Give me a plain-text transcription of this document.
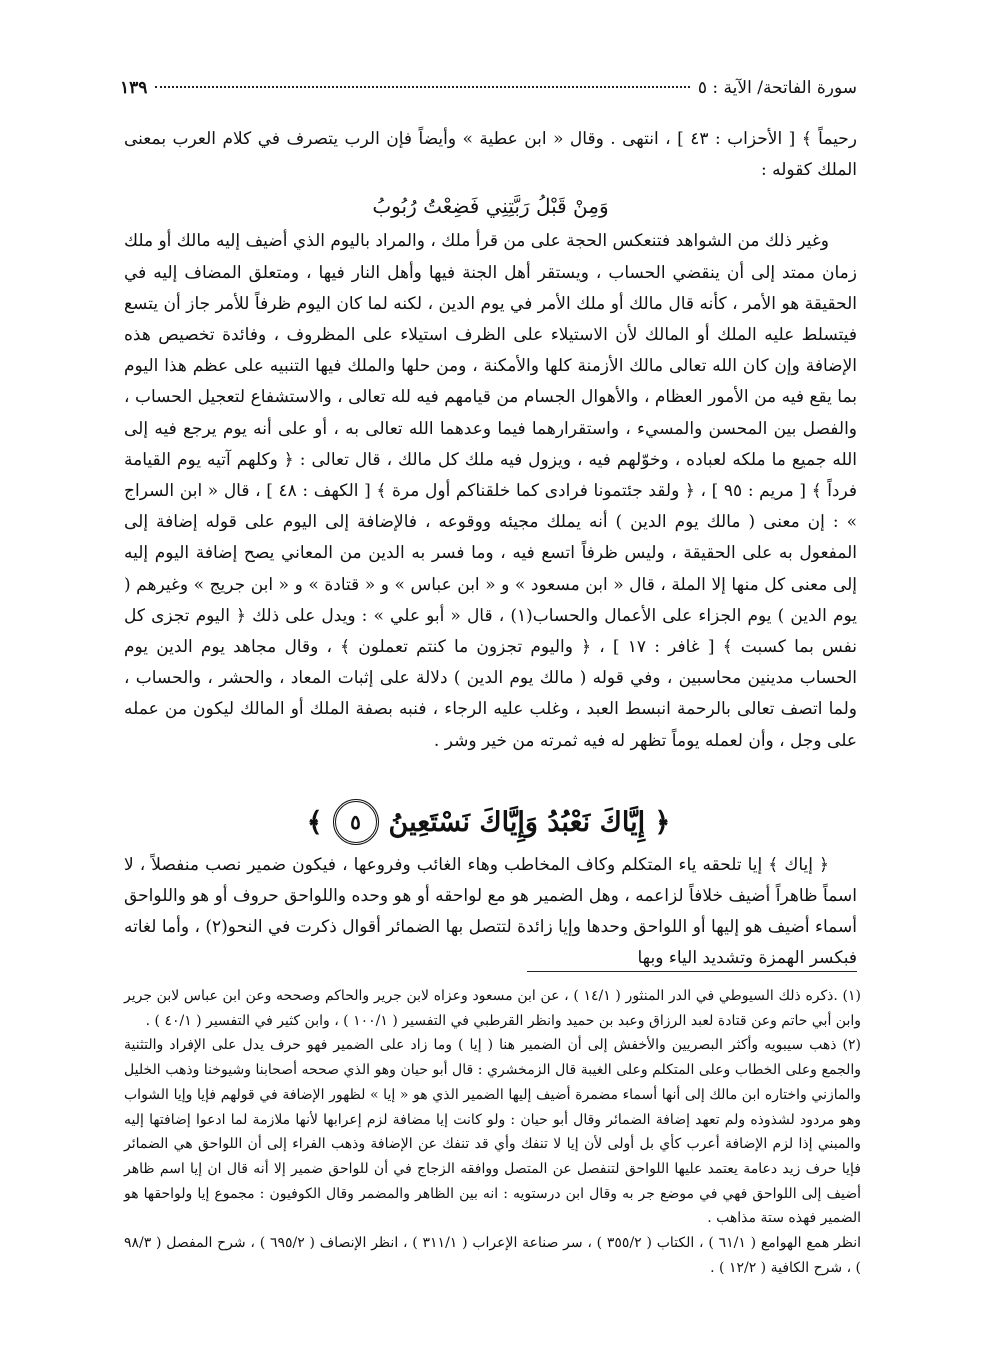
سورة الفاتحة/ الآية : ٥
١٣٩

رحيماً ﴾ [ الأحزاب : ٤٣ ] ، انتهى . وقال « ابن عطية » وأيضاً فإن الرب يتصرف في كلام العرب بمعنى الملك كقوله :

وَمِنْ قَبْلُ رَبَّتِنِي فَضِعْتُ رُبُوبُ

وغير ذلك من الشواهد فتنعكس الحجة على من قرأ ملك ، والمراد باليوم الذي أضيف إليه مالك أو ملك زمان ممتد إلى أن ينقضي الحساب ، ويستقر أهل الجنة فيها وأهل النار فيها ، ومتعلق المضاف إليه في الحقيقة هو الأمر ، كأنه قال مالك أو ملك الأمر في يوم الدين ، لكنه لما كان اليوم ظرفاً للأمر جاز أن يتسع فيتسلط عليه الملك أو المالك لأن الاستيلاء على الظرف استيلاء على المظروف ، وفائدة تخصيص هذه الإضافة وإن كان الله تعالى مالك الأزمنة كلها والأمكنة ، ومن حلها والملك فيها التنبيه على عظم هذا اليوم بما يقع فيه من الأمور العظام ، والأهوال الجسام من قيامهم فيه لله تعالى ، والاستشفاع لتعجيل الحساب ، والفصل بين المحسن والمسيء ، واستقرارهما فيما وعدهما الله تعالى به ، أو على أنه يوم يرجع فيه إلى الله جميع ما ملكه لعباده ، وخوّلهم فيه ، ويزول فيه ملك كل مالك ، قال تعالى : ﴿ وكلهم آتيه يوم القيامة فرداً ﴾ [ مريم : ٩٥ ] ، ﴿ ولقد جئتمونا فرادى كما خلقناكم أول مرة ﴾ [ الكهف : ٤٨ ] ، قال « ابن السراج » : إن معنى ( مالك يوم الدين ) أنه يملك مجيئه ووقوعه ، فالإضافة إلى اليوم على قوله إضافة إلى المفعول به على الحقيقة ، وليس ظرفاً اتسع فيه ، وما فسر به الدين من المعاني يصح إضافة اليوم إليه إلى معنى كل منها إلا الملة ، قال « ابن مسعود » و « ابن عباس » و « قتادة » و « ابن جريج » وغيرهم ( يوم الدين ) يوم الجزاء على الأعمال والحساب(١) ، قال « أبو علي » : ويدل على ذلك ﴿ اليوم تجزى كل نفس بما كسبت ﴾ [ غافر : ١٧ ] ، ﴿ واليوم تجزون ما كنتم تعملون ﴾ ، وقال مجاهد يوم الدين يوم الحساب مدينين محاسبين ، وفي قوله ( مالك يوم الدين ) دلالة على إثبات المعاد ، والحشر ، والحساب ، ولما اتصف تعالى بالرحمة انبسط العبد ، وغلب عليه الرجاء ، فنبه بصفة الملك أو المالك ليكون من عمله على وجل ، وأن لعمله يوماً تظهر له فيه ثمرته من خير وشر .

﴿ إِيَّاكَ نَعْبُدُ وَإِيَّاكَ نَسْتَعِينُ
٥
﴾

﴿ إياك ﴾ إيا تلحقه ياء المتكلم وكاف المخاطب وهاء الغائب وفروعها ، فيكون ضمير نصب منفصلاً ، لا اسماً ظاهراً أضيف خلافاً لزاعمه ، وهل الضمير هو مع لواحقه أو هو وحده واللواحق حروف أو هو واللواحق أسماء أضيف هو إليها أو اللواحق وحدها وإيا زائدة لتتصل بها الضمائر أقوال ذكرت في النحو(٢) ، وأما لغاته فبكسر الهمزة وتشديد الياء وبها

(١) .ذكره ذلك السيوطي في الدر المنثور ( ١٤/١ ) ، عن ابن مسعود وعزاه لابن جرير والحاكم وصححه وعن ابن عباس لابن جرير وابن أبي حاتم وعن قتادة لعبد الرزاق وعبد بن حميد وانظر القرطبي في التفسير ( ١٠٠/١ ) ، وابن كثير في التفسير ( ٤٠/١ ) .

(٢) ذهب سيبويه وأكثر البصريين والأخفش إلى أن الضمير هنا ( إيا ) وما زاد على الضمير فهو حرف يدل على الإفراد والتثنية والجمع وعلى الخطاب وعلى المتكلم وعلى الغيبة قال الزمخشري : قال أبو حيان وهو الذي صححه أصحابنا وشيوخنا وذهب الخليل والمازني واختاره ابن مالك إلى أنها أسماء مضمرة أضيف إليها الضمير الذي هو « إيا » لظهور الإضافة في قولهم فإيا وإيا الشواب وهو مردود لشذوذه ولم تعهد إضافة الضمائر وقال أبو حيان : ولو كانت إيا مضافة لزم إعرابها لأنها ملازمة لما ادعوا إضافتها إليه والمبني إذا لزم الإضافة أعرب كأي بل أولى لأن إيا لا تنفك وأي قد تنفك عن الإضافة وذهب الفراء إلى أن اللواحق هي الضمائر فإيا حرف زيد دعامة يعتمد عليها اللواحق لتنفصل عن المتصل ووافقه الزجاج في أن للواحق ضمير إلا أنه قال ان إيا اسم ظاهر أضيف إلى اللواحق فهي في موضع جر به وقال ابن درستويه : انه بين الظاهر والمضمر وقال الكوفيون : مجموع إيا ولواحقها هو الضمير فهذه ستة مذاهب .

انظر همع الهوامع ( ٦١/١ ) ، الكتاب ( ٣٥٥/٢ ) ، سر صناعة الإعراب ( ٣١١/١ ) ، انظر الإنصاف ( ٦٩٥/٢ ) ، شرح المفصل ( ٩٨/٣ ) ، شرح الكافية ( ١٢/٢ ) .
